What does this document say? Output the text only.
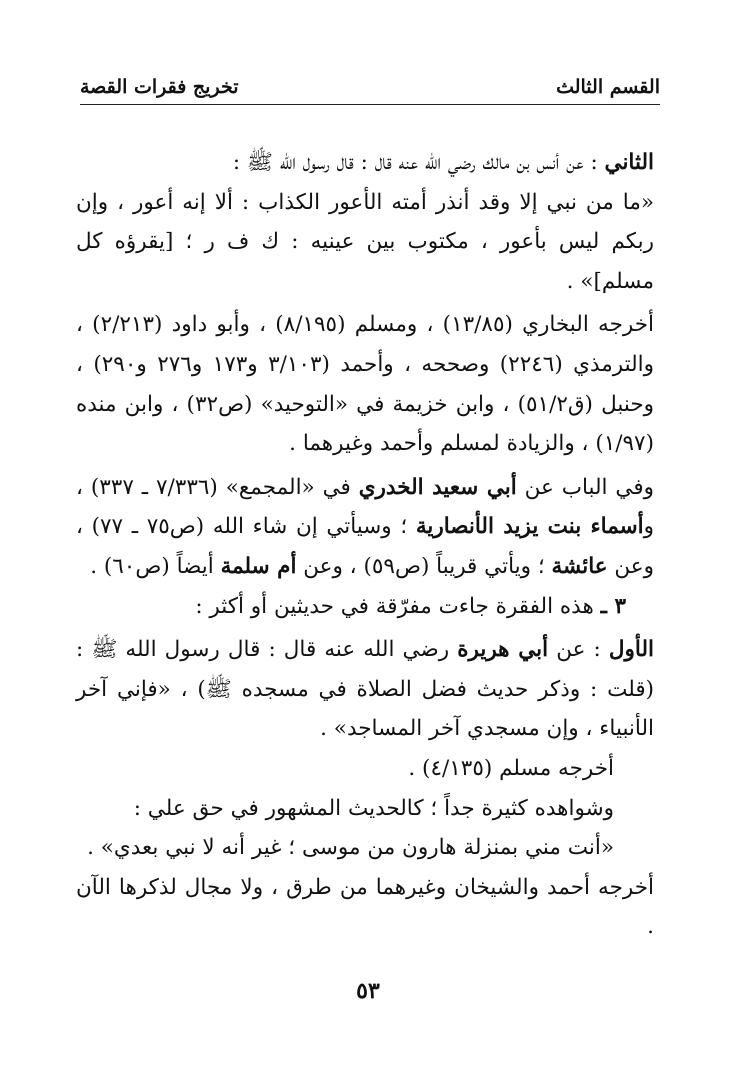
القسم الثالث
تخريج فقرات القصة

الثاني : عن أنس بن مالك رضي الله عنه قال : قال رسول الله ﷺ :

«ما من نبي إلا وقد أنذر أمته الأعور الكذاب : ألا إنه أعور ، وإن ربكم ليس بأعور ، مكتوب بين عينيه : ك ف ر ؛ [يقرؤه كل مسلم]» .

أخرجه البخاري (١٣/٨٥) ، ومسلم (٨/١٩٥) ، وأبو داود (٢/٢١٣) ، والترمذي (٢٢٤٦) وصححه ، وأحمد (٣/١٠٣ و١٧٣ و٢٧٦ و٢٩٠) ، وحنبل (ق٥١/٢) ، وابن خزيمة في «التوحيد» (ص٣٢) ، وابن منده (١/٩٧) ، والزيادة لمسلم وأحمد وغيرهما .

وفي الباب عن أبي سعيد الخدري في «المجمع» (٧/٣٣٦ ـ ٣٣٧) ، وأسماء بنت يزيد الأنصارية ؛ وسيأتي إن شاء الله (ص٧٥ ـ ٧٧) ، وعن عائشة ؛ ويأتي قريباً (ص٥٩) ، وعن أم سلمة أيضاً (ص٦٠) .

٣ ـ هذه الفقرة جاءت مفرّقة في حديثين أو أكثر :

الأول : عن أبي هريرة رضي الله عنه قال : قال رسول الله ﷺ : (قلت : وذكر حديث فضل الصلاة في مسجده ﷺ) ، «فإني آخر الأنبياء ، وإن مسجدي آخر المساجد» .

أخرجه مسلم (٤/١٣٥) .

وشواهده كثيرة جداً ؛ كالحديث المشهور في حق علي :

«أنت مني بمنزلة هارون من موسى ؛ غير أنه لا نبي بعدي» .

أخرجه أحمد والشيخان وغيرهما من طرق ، ولا مجال لذكرها الآن .

٥٣
